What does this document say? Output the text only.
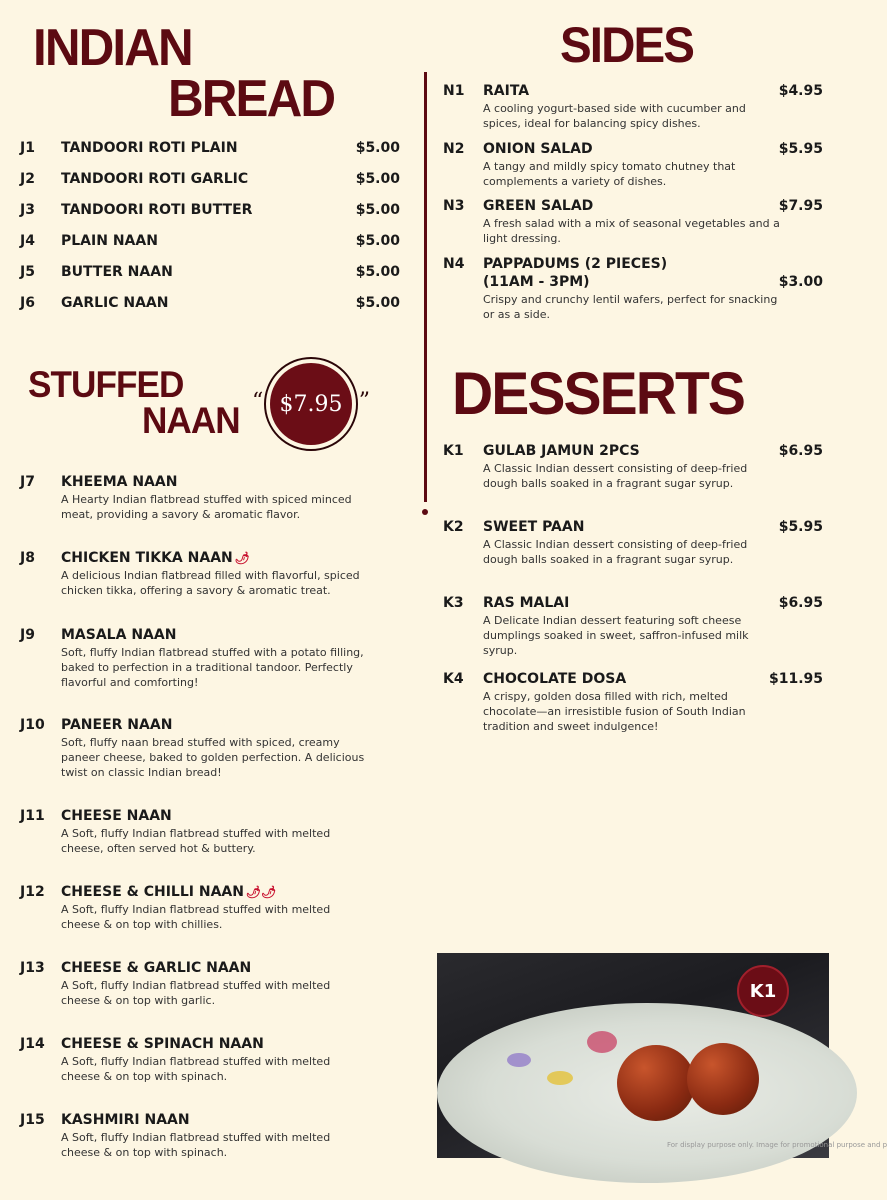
INDIAN
BREAD
SIDES
STUFFED
NAAN	DESSERTS
“ $7.95 ”
J1 TANDOORI ROTI PLAIN	$5.00
J2 TANDOORI ROTI GARLIC	$5.00
J3 TANDOORI ROTI BUTTER	$5.00
J4 PLAIN NAAN	$5.00
J5 BUTTER NAAN	$5.00
J6 GARLIC NAAN	$5.00
J7 KHEEMA NAAN
A Hearty Indian flatbread stuffed with spiced minced
meat, providing a savory & aromatic flavor.
J8 CHICKEN TIKKA NAAN 🌶
A delicious Indian flatbread filled with flavorful, spiced
chicken tikka, offering a savory & aromatic treat.
J9 MASALA NAAN
Soft, fluffy Indian flatbread stuffed with a potato filling,
baked to perfection in a traditional tandoor. Perfectly
flavorful and comforting!
J10 PANEER NAAN
Soft, fluffy naan bread stuffed with spiced, creamy
paneer cheese, baked to golden perfection. A delicious
twist on classic Indian bread!
J11 CHEESE NAAN
A Soft, fluffy Indian flatbread stuffed with melted
cheese, often served hot & buttery.
J12 CHEESE & CHILLI NAAN 🌶🌶
A Soft, fluffy Indian flatbread stuffed with melted
cheese & on top with chillies.
J13 CHEESE & GARLIC NAAN
A Soft, fluffy Indian flatbread stuffed with melted
cheese & on top with garlic.
J14 CHEESE & SPINACH NAAN
A Soft, fluffy Indian flatbread stuffed with melted
cheese & on top with spinach.
J15 KASHMIRI NAAN
A Soft, fluffy Indian flatbread stuffed with melted
cheese & on top with spinach.
N1 RAITA	$4.95
A cooling yogurt-based side with cucumber and
spices, ideal for balancing spicy dishes.
N2 ONION SALAD	$5.95
A tangy and mildly spicy tomato chutney that
complements a variety of dishes.
N3 GREEN SALAD	$7.95
A fresh salad with a mix of seasonal vegetables and a
light dressing.
N4 PAPPADUMS (2 PIECES)
(11AM - 3PM)	$3.00
Crispy and crunchy lentil wafers, perfect for snacking
or as a side.
K1 GULAB JAMUN 2PCS	$6.95
A Classic Indian dessert consisting of deep-fried
dough balls soaked in a fragrant sugar syrup.
K2 SWEET PAAN	$5.95
A Classic Indian dessert consisting of deep-fried
dough balls soaked in a fragrant sugar syrup.
K3 RAS MALAI	$6.95
A Delicate Indian dessert featuring soft cheese
dumplings soaked in sweet, saffron-infused milk
syrup.
K4 CHOCOLATE DOSA	$11.95
A crispy, golden dosa filled with rich, melted
chocolate—an irresistible fusion of South Indian
tradition and sweet indulgence!
K1
For display purpose only. Image for promotional purpose and p
